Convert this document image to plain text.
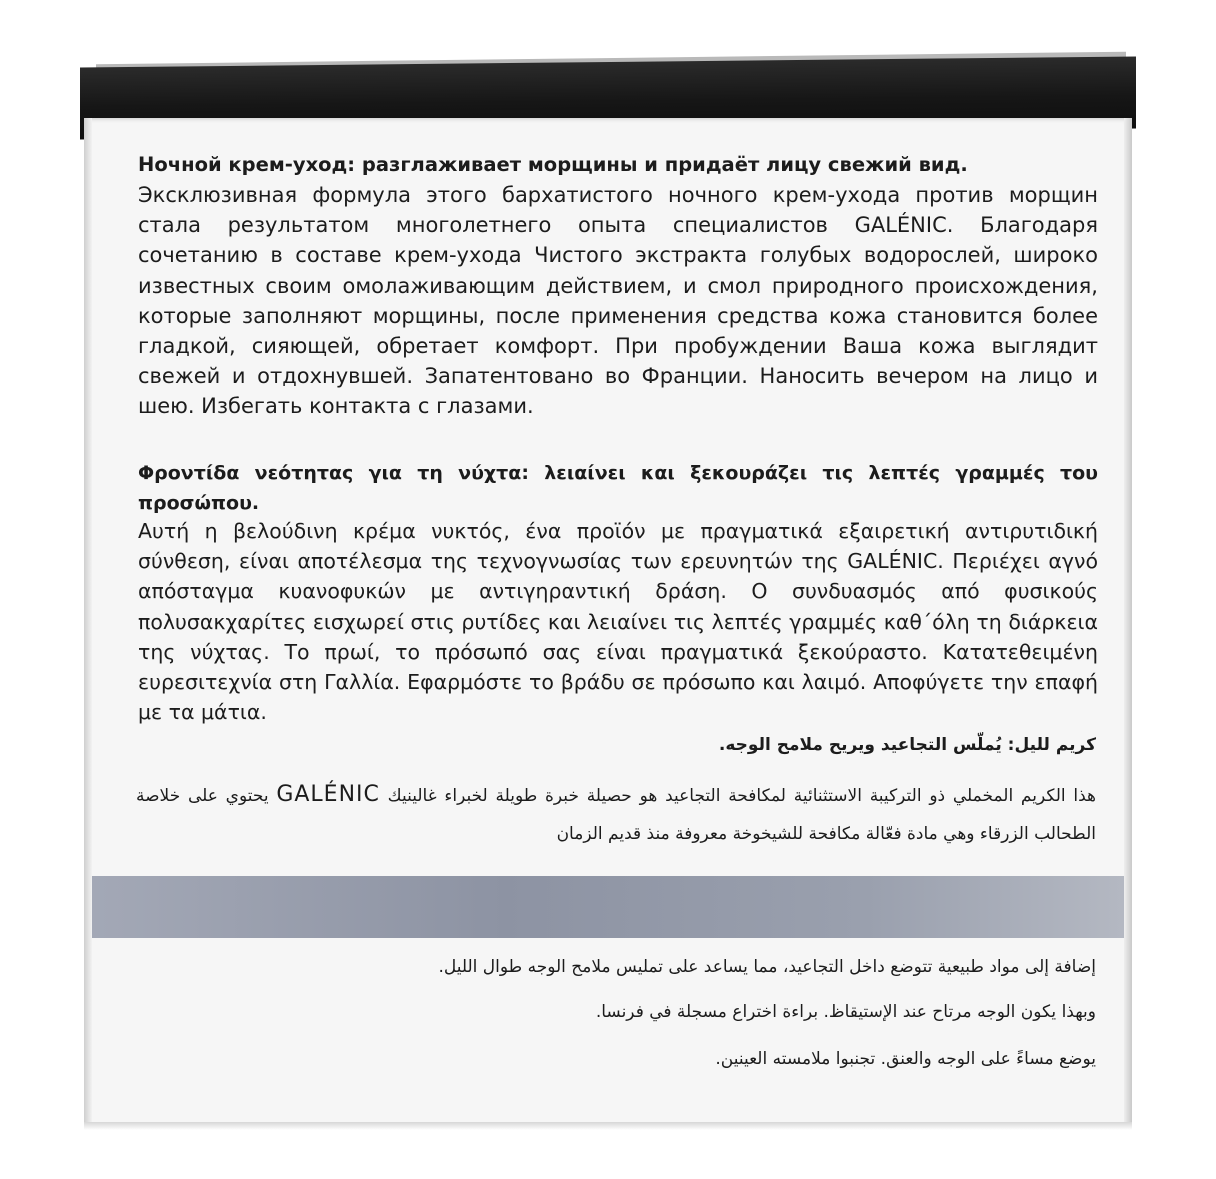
Ночной крем-уход: разглаживает морщины и придаёт лицу свежий вид.

Эксклюзивная формула этого бархатистого ночного крем-ухода против морщин стала результатом многолетнего опыта специалистов GALÉNIC. Благодаря сочетанию в составе крем-ухода Чистого экстракта голубых водорослей, широко известных своим омолаживающим действием, и смол природного происхождения, которые заполняют морщины, после применения средства кожа становится более гладкой, сияющей, обретает комфорт. При пробуждении Ваша кожа выглядит свежей и отдохнувшей. Запатентовано во Франции. Наносить вечером на лицо и шею. Избегать контакта с глазами.

Φροντίδα νεότητας για τη νύχτα: λειαίνει και ξεκουράζει τις λεπτές γραμμές του προσώπου.

Αυτή η βελούδινη κρέμα νυκτός, ένα προϊόν με πραγματικά εξαιρετική αντιρυτιδική σύνθεση, είναι αποτέλεσμα της τεχνογνωσίας των ερευνητών της GALÉNIC. Περιέχει αγνό απόσταγμα κυανοφυκών με αντιγηραντική δράση. Ο συνδυασμός από φυσικούς πολυσακχαρίτες εισχωρεί στις ρυτίδες και λειαίνει τις λεπτές γραμμές καθ΄όλη τη διάρκεια της νύχτας. Το πρωί, το πρόσωπό σας είναι πραγματικά ξεκούραστο. Κατατεθειμένη ευρεσιτεχνία στη Γαλλία. Εφαρμόστε το βράδυ σε πρόσωπο και λαιμό. Αποφύγετε την επαφή με τα μάτια.

كريم لليل: يُملّس التجاعيد ويريح ملامح الوجه.

هذا الكريم المخملي ذو التركيبة الاستثنائية لمكافحة التجاعيد هو حصيلة خبرة طويلة لخبراء غالينيك GALÉNIC يحتوي على خلاصة الطحالب الزرقاء وهي مادة فعّالة مكافحة للشيخوخة معروفة منذ قديم الزمان

إضافة إلى مواد طبيعية تتوضع داخل التجاعيد، مما يساعد على تمليس ملامح الوجه طوال الليل.

وبهذا يكون الوجه مرتاح عند الإستيقاظ. براءة اختراع مسجلة في فرنسا.

يوضع مساءً على الوجه والعنق. تجنبوا ملامسته العينين.
